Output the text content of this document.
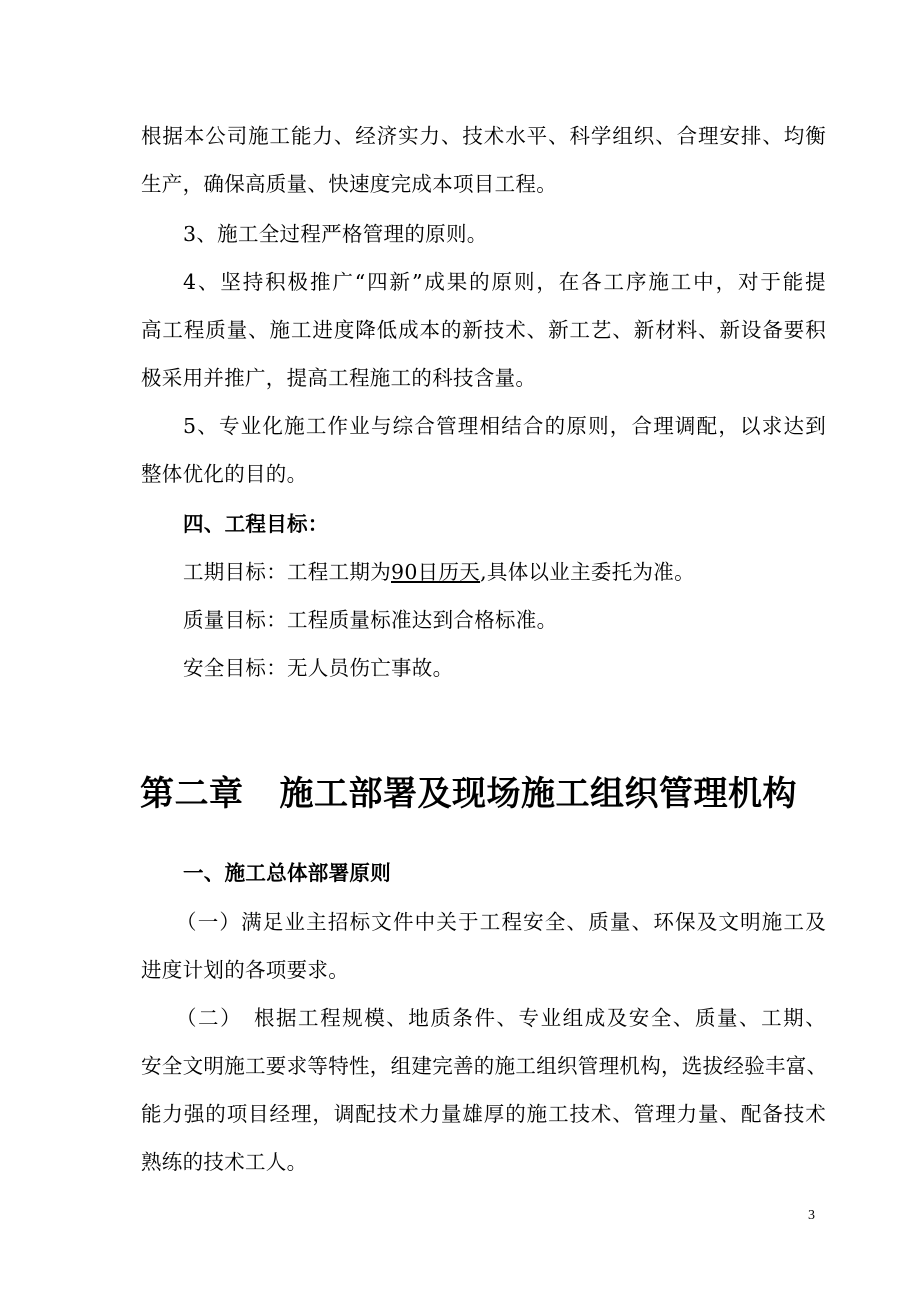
根据本公司施工能力、经济实力、技术水平、科学组织、合理安排、均衡
生产，确保高质量、快速度完成本项目工程。
3、施工全过程严格管理的原则。
4、坚持积极推广“四新”成果的原则，在各工序施工中，对于能提
高工程质量、施工进度降低成本的新技术、新工艺、新材料、新设备要积
极采用并推广，提高工程施工的科技含量。
5、专业化施工作业与综合管理相结合的原则，合理调配，以求达到
整体优化的目的。
四、工程目标：
工期目标：工程工期为90日历天,具体以业主委托为准。
质量目标：工程质量标准达到合格标准。
安全目标：无人员伤亡事故。
第二章 施工部署及现场施工组织管理机构
一、施工总体部署原则
（一）满足业主招标文件中关于工程安全、质量、环保及文明施工及
进度计划的各项要求。
（二）　根据工程规模、地质条件、专业组成及安全、质量、工期、
安全文明施工要求等特性，组建完善的施工组织管理机构，选拔经验丰富、
能力强的项目经理，调配技术力量雄厚的施工技术、管理力量、配备技术
熟练的技术工人。
3
